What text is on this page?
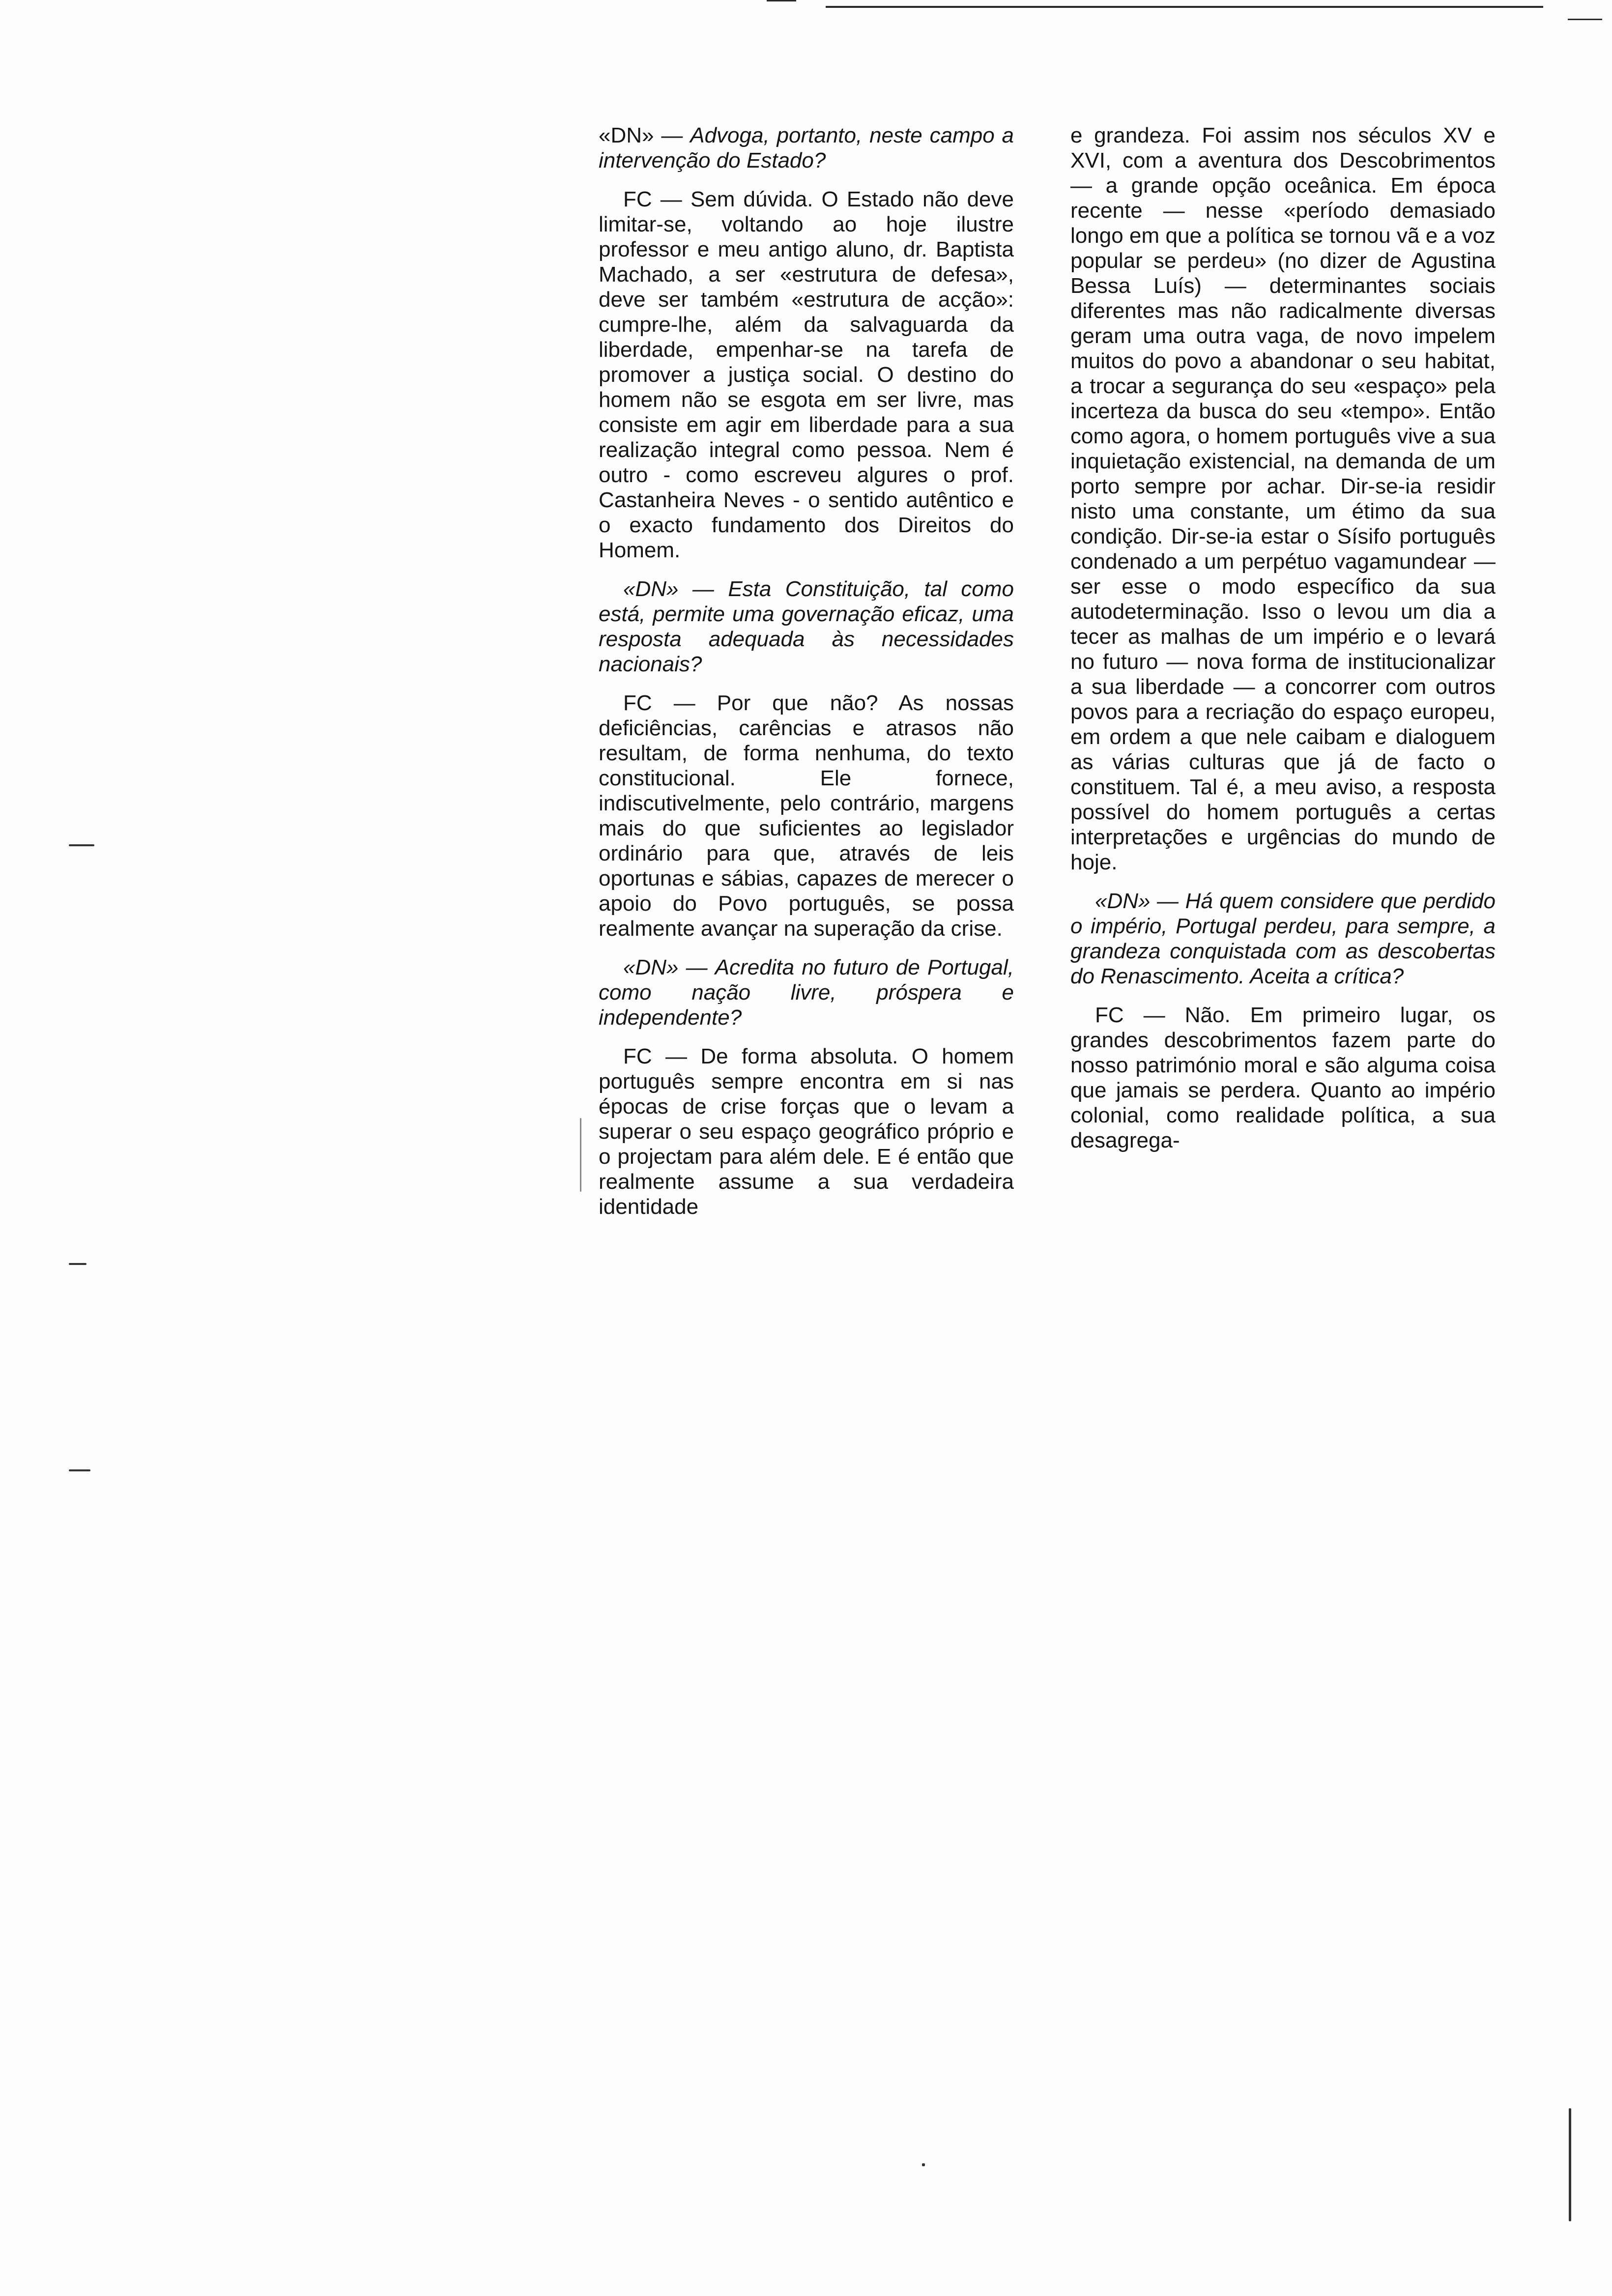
«DN» — Advoga, portanto, neste campo a intervenção do Estado?

FC — Sem dúvida. O Estado não deve limitar-se, voltando ao hoje ilustre professor e meu antigo aluno, dr. Baptista Machado, a ser «estrutura de defesa», deve ser também «estrutura de acção»: cumpre-lhe, além da salvaguarda da liberdade, empenhar-se na tarefa de promover a justiça social. O destino do homem não se esgota em ser livre, mas consiste em agir em liberdade para a sua realização integral como pessoa. Nem é outro - como escreveu algures o prof. Castanheira Neves - o sentido autêntico e o exacto fundamento dos Direitos do Homem.

«DN» — Esta Constituição, tal como está, permite uma governação eficaz, uma resposta adequada às necessidades nacionais?

FC — Por que não? As nossas deficiências, carências e atrasos não resultam, de forma nenhuma, do texto constitucional. Ele fornece, indiscutivelmente, pelo contrário, margens mais do que suficientes ao legislador ordinário para que, através de leis oportunas e sábias, capazes de merecer o apoio do Povo português, se possa realmente avançar na superação da crise.

«DN» — Acredita no futuro de Portugal, como nação livre, próspera e independente?

FC — De forma absoluta. O homem português sempre encontra em si nas épocas de crise forças que o levam a superar o seu espaço geográfico próprio e o projectam para além dele. E é então que realmente assume a sua verdadeira identidade

e grandeza. Foi assim nos séculos XV e XVI, com a aventura dos Descobrimentos — a grande opção oceânica. Em época recente — nesse «período demasiado longo em que a política se tornou vã e a voz popular se perdeu» (no dizer de Agustina Bessa Luís) — determinantes sociais diferentes mas não radicalmente diversas geram uma outra vaga, de novo impelem muitos do povo a abandonar o seu habitat, a trocar a segurança do seu «espaço» pela incerteza da busca do seu «tempo». Então como agora, o homem português vive a sua inquietação existencial, na demanda de um porto sempre por achar. Dir-se-ia residir nisto uma constante, um étimo da sua condição. Dir-se-ia estar o Sísifo português condenado a um perpétuo vagamundear — ser esse o modo específico da sua autodeterminação. Isso o levou um dia a tecer as malhas de um império e o levará no futuro — nova forma de institucionalizar a sua liberdade — a concorrer com outros povos para a recriação do espaço europeu, em ordem a que nele caibam e dialoguem as várias culturas que já de facto o constituem. Tal é, a meu aviso, a resposta possível do homem português a certas interpretações e urgências do mundo de hoje.

«DN» — Há quem considere que perdido o império, Portugal perdeu, para sempre, a grandeza conquistada com as descobertas do Renascimento. Aceita a crítica?

FC — Não. Em primeiro lugar, os grandes descobrimentos fazem parte do nosso património moral e são alguma coisa que jamais se perdera. Quanto ao império colonial, como realidade política, a sua desagrega-
